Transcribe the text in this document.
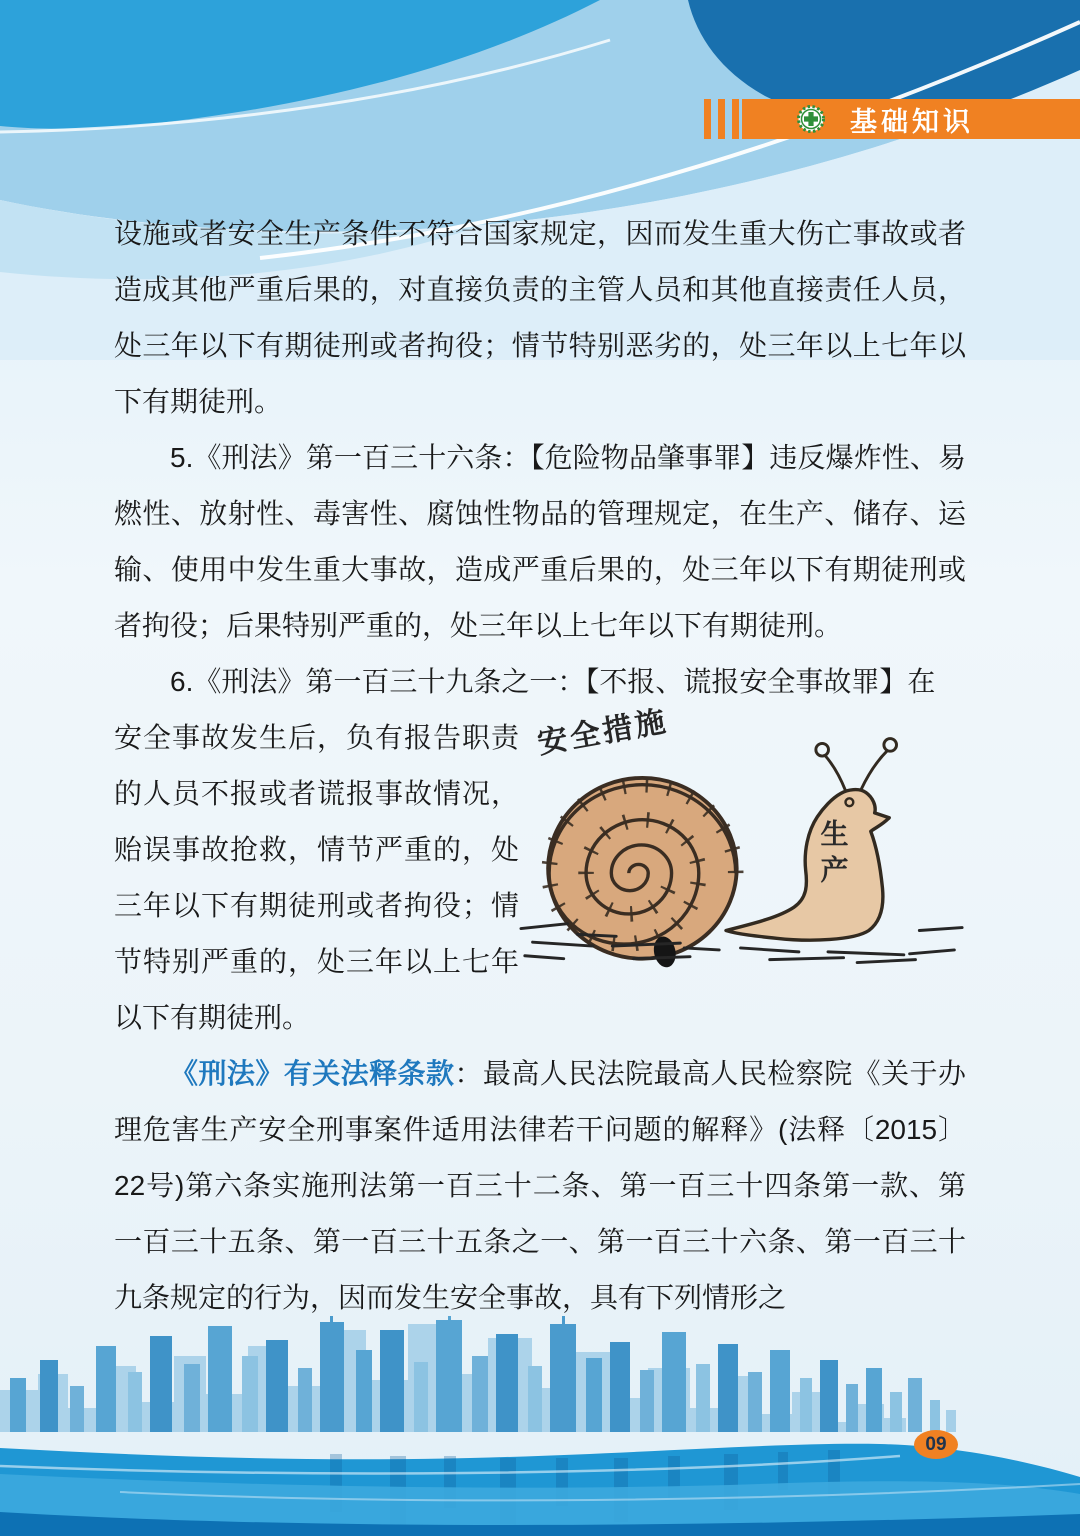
基础知识

设施或者安全生产条件不符合国家规定，因而发生重大伤亡事故或者造成其他严重后果的，对直接负责的主管人员和其他直接责任人员，处三年以下有期徒刑或者拘役；情节特别恶劣的，处三年以上七年以下有期徒刑。

5.《刑法》第一百三十六条：【危险物品肇事罪】违反爆炸性、易燃性、放射性、毒害性、腐蚀性物品的管理规定，在生产、储存、运输、使用中发生重大事故，造成严重后果的，处三年以下有期徒刑或者拘役；后果特别严重的，处三年以上七年以下有期徒刑。

6.《刑法》第一百三十九条之一：【不报、谎报安全事故罪】在

安全事故发生后，负有报告职责的人员不报或者谎报事故情况，贻误事故抢救，情节严重的，处三年以下有期徒刑或者拘役；情节特别严重的，处三年以上七年以下有期徒刑。

安全措施
生产

《刑法》有关法释条款：最高人民法院最高人民检察院《关于办理危害生产安全刑事案件适用法律若干问题的解释》(法释〔2015〕22号)第六条实施刑法第一百三十二条、第一百三十四条第一款、第一百三十五条、第一百三十五条之一、第一百三十六条、第一百三十九条规定的行为，因而发生安全事故，具有下列情形之

09
